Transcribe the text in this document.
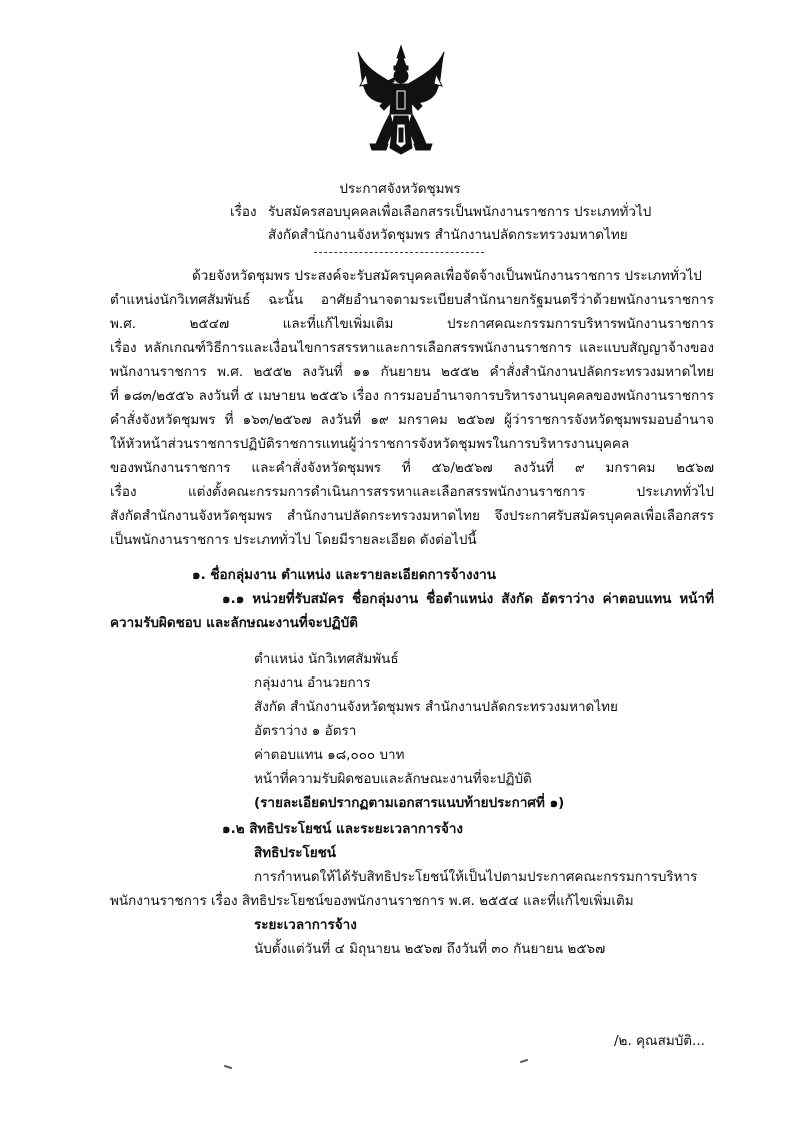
ประกาศจังหวัดชุมพร
เรื่อง รับสมัครสอบบุคคลเพื่อเลือกสรรเป็นพนักงานราชการ ประเภททั่วไป
สังกัดสำนักงานจังหวัดชุมพร สำนักงานปลัดกระทรวงมหาดไทย
ด้วยจังหวัดชุมพร ประสงค์จะรับสมัครบุคคลเพื่อจัดจ้างเป็นพนักงานราชการ ประเภททั่วไป
ตำแหน่งนักวิเทศสัมพันธ์ ฉะนั้น อาศัยอำนาจตามระเบียบสำนักนายกรัฐมนตรีว่าด้วยพนักงานราชการ
พ.ศ. ๒๕๔๗ และที่แก้ไขเพิ่มเติม ประกาศคณะกรรมการบริหารพนักงานราชการ
เรื่อง หลักเกณฑ์วิธีการและเงื่อนไขการสรรหาและการเลือกสรรพนักงานราชการ และแบบสัญญาจ้างของ
พนักงานราชการ พ.ศ. ๒๕๕๒ ลงวันที่ ๑๑ กันยายน ๒๕๕๒ คำสั่งสำนักงานปลัดกระทรวงมหาดไทย
ที่ ๑๘๓/๒๕๕๖ ลงวันที่ ๕ เมษายน ๒๕๕๖ เรื่อง การมอบอำนาจการบริหารงานบุคคลของพนักงานราชการ
คำสั่งจังหวัดชุมพร ที่ ๑๖๓/๒๕๖๗ ลงวันที่ ๑๙ มกราคม ๒๕๖๗ ผู้ว่าราชการจังหวัดชุมพรมอบอำนาจ
ให้หัวหน้าส่วนราชการปฏิบัติราชการแทนผู้ว่าราชการจังหวัดชุมพรในการบริหารงานบุคคล
ของพนักงานราชการ และคำสั่งจังหวัดชุมพร ที่ ๕๖/๒๕๖๗ ลงวันที่ ๙ มกราคม ๒๕๖๗
เรื่อง แต่งตั้งคณะกรรมการดำเนินการสรรหาและเลือกสรรพนักงานราชการ ประเภททั่วไป
สังกัดสำนักงานจังหวัดชุมพร สำนักงานปลัดกระทรวงมหาดไทย จึงประกาศรับสมัครบุคคลเพื่อเลือกสรร
เป็นพนักงานราชการ ประเภททั่วไป โดยมีรายละเอียด ดังต่อไปนี้
๑. ชื่อกลุ่มงาน ตำแหน่ง และรายละเอียดการจ้างงาน
๑.๑ หน่วยที่รับสมัคร ชื่อกลุ่มงาน ชื่อตำแหน่ง สังกัด อัตราว่าง ค่าตอบแทน หน้าที่
ความรับผิดชอบ และลักษณะงานที่จะปฏิบัติ
ตำแหน่ง นักวิเทศสัมพันธ์
กลุ่มงาน อำนวยการ
สังกัด สำนักงานจังหวัดชุมพร สำนักงานปลัดกระทรวงมหาดไทย
อัตราว่าง ๑ อัตรา
ค่าตอบแทน ๑๘,๐๐๐ บาท
หน้าที่ความรับผิดชอบและลักษณะงานที่จะปฏิบัติ
(รายละเอียดปรากฏตามเอกสารแนบท้ายประกาศที่ ๑)
๑.๒ สิทธิประโยชน์ และระยะเวลาการจ้าง
สิทธิประโยชน์
การกำหนดให้ได้รับสิทธิประโยชน์ให้เป็นไปตามประกาศคณะกรรมการบริหาร
พนักงานราชการ เรื่อง สิทธิประโยชน์ของพนักงานราชการ พ.ศ. ๒๕๕๔ และที่แก้ไขเพิ่มเติม
ระยะเวลาการจ้าง
นับตั้งแต่วันที่ ๔ มิถุนายน ๒๕๖๗ ถึงวันที่ ๓๐ กันยายน ๒๕๖๗
/๒. คุณสมบัติ...
